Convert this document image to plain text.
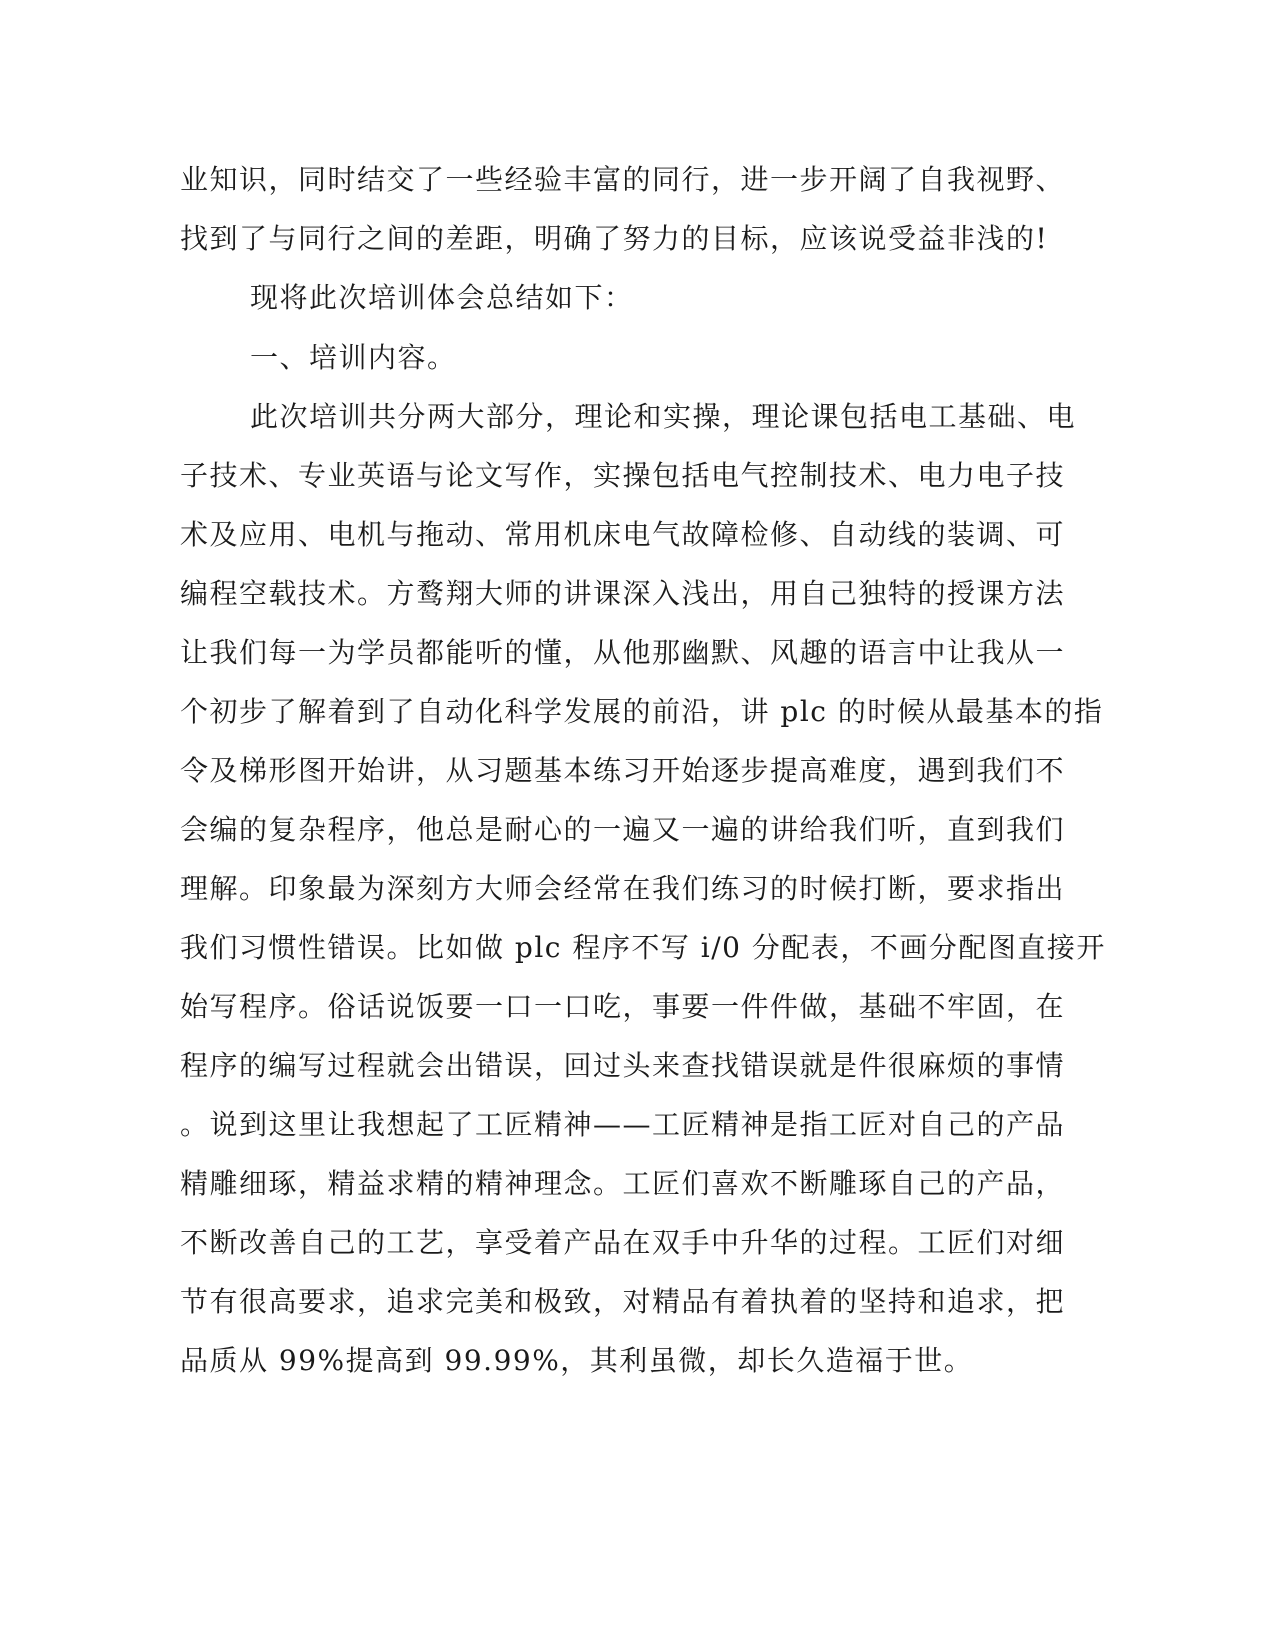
业知识，同时结交了一些经验丰富的同行，进一步开阔了自我视野、
找到了与同行之间的差距，明确了努力的目标，应该说受益非浅的!
现将此次培训体会总结如下：
一、培训内容。
此次培训共分两大部分，理论和实操，理论课包括电工基础、电
子技术、专业英语与论文写作，实操包括电气控制技术、电力电子技
术及应用、电机与拖动、常用机床电气故障检修、自动线的装调、可
编程空载技术。方鹜翔大师的讲课深入浅出，用自己独特的授课方法
让我们每一为学员都能听的懂，从他那幽默、风趣的语言中让我从一
个初步了解着到了自动化科学发展的前沿，讲 plc 的时候从最基本的指
令及梯形图开始讲，从习题基本练习开始逐步提高难度，遇到我们不
会编的复杂程序，他总是耐心的一遍又一遍的讲给我们听，直到我们
理解。印象最为深刻方大师会经常在我们练习的时候打断，要求指出
我们习惯性错误。比如做 plc 程序不写 i/0 分配表，不画分配图直接开
始写程序。俗话说饭要一口一口吃，事要一件件做，基础不牢固，在
程序的编写过程就会出错误，回过头来查找错误就是件很麻烦的事情
。说到这里让我想起了工匠精神——工匠精神是指工匠对自己的产品
精雕细琢，精益求精的精神理念。工匠们喜欢不断雕琢自己的产品，
不断改善自己的工艺，享受着产品在双手中升华的过程。工匠们对细
节有很高要求，追求完美和极致，对精品有着执着的坚持和追求，把
品质从 99%提高到 99.99%，其利虽微，却长久造福于世。
